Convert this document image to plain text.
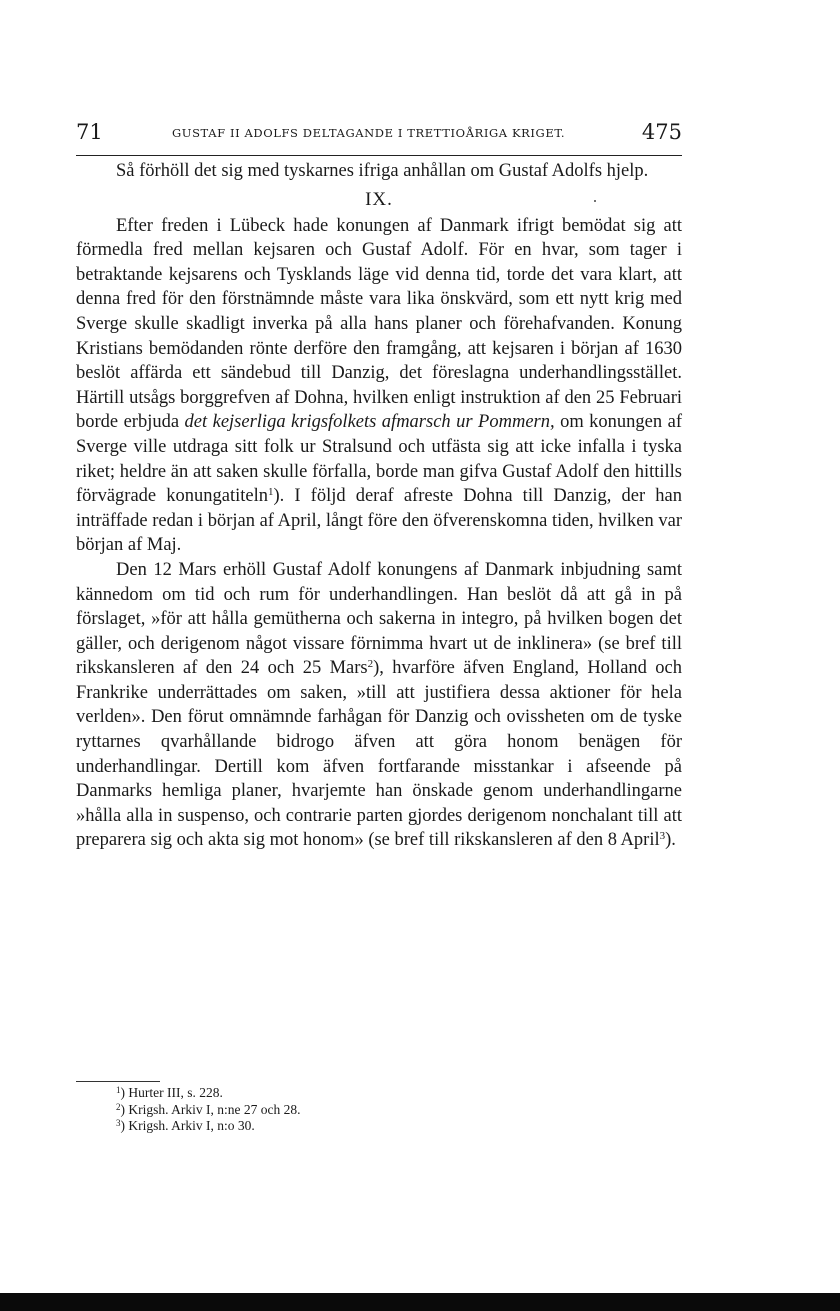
71	GUSTAF II ADOLFS DELTAGANDE I TRETTIOÅRIGA KRIGET.	475

Så förhöll det sig med tyskarnes ifriga anhållan om Gustaf Adolfs hjelp.

IX.

Efter freden i Lübeck hade konungen af Danmark ifrigt bemödat sig att förmedla fred mellan kejsaren och Gustaf Adolf. För en hvar, som tager i betraktande kejsarens och Tysklands läge vid denna tid, torde det vara klart, att denna fred för den förstnämnde måste vara lika önskvärd, som ett nytt krig med Sverge skulle skadligt inverka på alla hans planer och förehafvanden. Konung Kristians bemödanden rönte derföre den framgång, att kejsaren i början af 1630 beslöt affärda ett sändebud till Danzig, det föreslagna underhandlingsstället. Härtill utsågs borggrefven af Dohna, hvilken enligt instruktion af den 25 Februari borde erbjuda det kejserliga krigsfolkets afmarsch ur Pommern, om konungen af Sverge ville utdraga sitt folk ur Stralsund och utfästa sig att icke infalla i tyska riket; heldre än att saken skulle förfalla, borde man gifva Gustaf Adolf den hittills förvägrade konungatiteln$^1$). I följd deraf afreste Dohna till Danzig, der han inträffade redan i början af April, långt före den öfverenskomna tiden, hvilken var början af Maj.

Den 12 Mars erhöll Gustaf Adolf konungens af Danmark inbjudning samt kännedom om tid och rum för underhandlingen. Han beslöt då att gå in på förslaget, »för att hålla gemütherna och sakerna in integro, på hvilken bogen det gäller, och derigenom något vissare förnimma hvart ut de inklinera» (se bref till rikskansleren af den 24 och 25 Mars$^2$), hvarföre äfven England, Holland och Frankrike underrättades om saken, »till att justifiera dessa aktioner för hela verlden». Den förut omnämnde farhågan för Danzig och ovissheten om de tyske ryttarnes qvarhållande bidrogo äfven att göra honom benägen för underhandlingar. Dertill kom äfven fortfarande misstankar i afseende på Danmarks hemliga planer, hvarjemte han önskade genom underhandlingarne »hålla alla in suspenso, och contrarie parten gjordes derigenom nonchalant till att preparera sig och akta sig mot honom» (se bref till rikskansleren af den 8 April$^3$).

$^1$) Hurter III, s. 228.
$^2$) Krigsh. Arkiv I, n:ne 27 och 28.
$^3$) Krigsh. Arkiv I, n:o 30.
